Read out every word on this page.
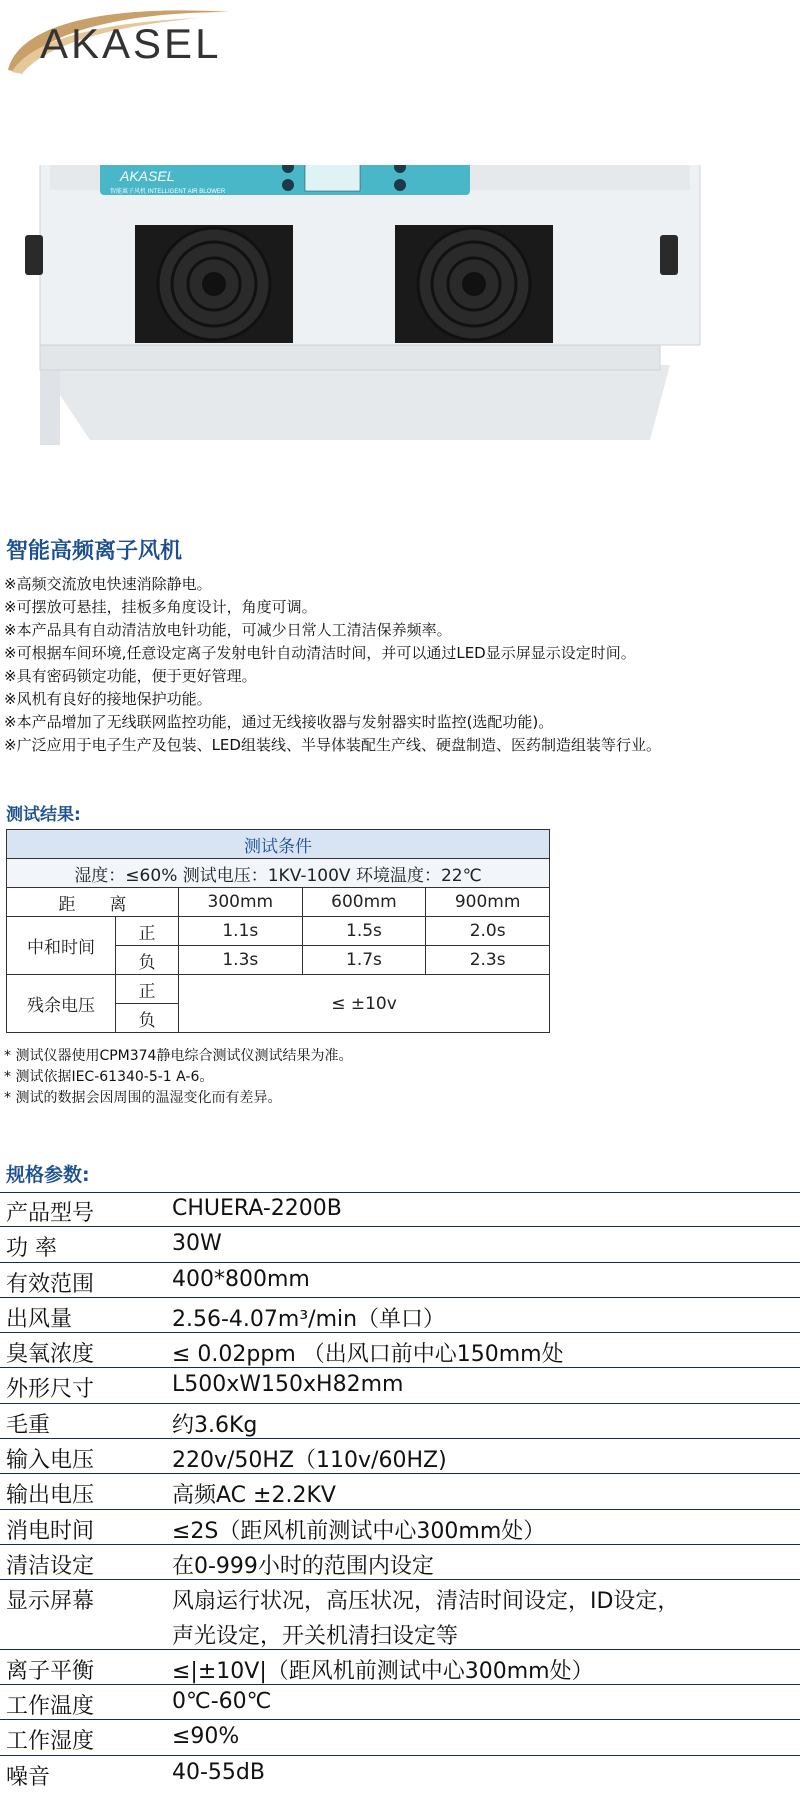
AKASEL
AKASEL
智能离子风机 INTELLIGENT AIR BLOWER
智能高频离子风机
※高频交流放电快速消除静电。
※可摆放可悬挂，挂板多角度设计，角度可调。
※本产品具有自动清洁放电针功能，可减少日常人工清洁保养频率。
※可根据车间环境,任意设定离子发射电针自动清洁时间，并可以通过LED显示屏显示设定时间。
※具有密码锁定功能，便于更好管理。
※风机有良好的接地保护功能。
※本产品增加了无线联网监控功能，通过无线接收器与发射器实时监控(选配功能)。
※广泛应用于电子生产及包装、LED组装线、半导体装配生产线、硬盘制造、医药制造组装等行业。
测试结果:
测试条件				
湿度：≤60% 测试电压：1KV-100V 环境温度：22℃				
距　　离		300mm	600mm	900mm
中和时间	正	1.1s	1.5s	2.0s
	负	1.3s	1.7s	2.3s
残余电压	正	≤ ±10v		
	负			
* 测试仪器使用CPM374静电综合测试仪测试结果为准。
* 测试依据IEC-61340-5-1 A-6。
* 测试的数据会因周围的温湿变化而有差异。
规格参数:
产品型号	CHUERA-2200B
功 率	30W
有效范围	400*800mm
出风量	2.56-4.07m³/min（单口）
臭氧浓度	≤ 0.02ppm （出风口前中心150mm处
外形尺寸	L500xW150xH82mm
毛重	约3.6Kg
输入电压	220v/50HZ（110v/60HZ)
输出电压	高频AC ±2.2KV
消电时间	≤2S（距风机前测试中心300mm处）
清洁设定	在0-999小时的范围内设定
显示屏幕	风扇运行状况，高压状况，清洁时间设定，ID设定，
声光设定，开关机清扫设定等
离子平衡	≤|±10V|（距风机前测试中心300mm处）
工作温度	0℃-60℃
工作湿度	≤90%
噪音	40-55dB
